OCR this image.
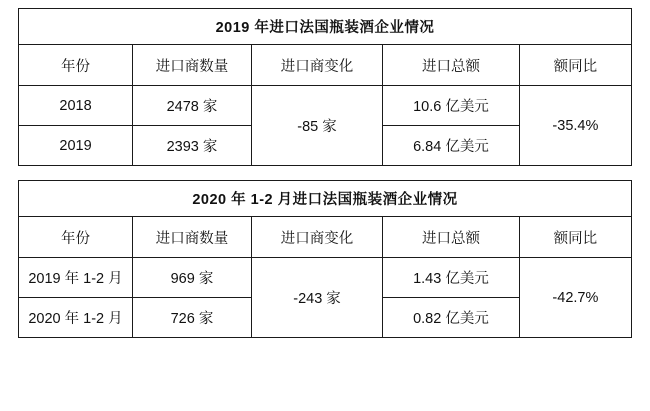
2019 年进口法国瓶装酒企业情况				
年份	进口商数量	进口商变化	进口总额	额同比
2018	2478 家	-85 家	10.6 亿美元	-35.4%
2019	2393 家		6.84 亿美元	
2020 年 1-2 月进口法国瓶装酒企业情况				
年份	进口商数量	进口商变化	进口总额	额同比
2019 年 1-2 月	969 家	-243 家	1.43 亿美元	-42.7%
2020 年 1-2 月	726 家		0.82 亿美元	
